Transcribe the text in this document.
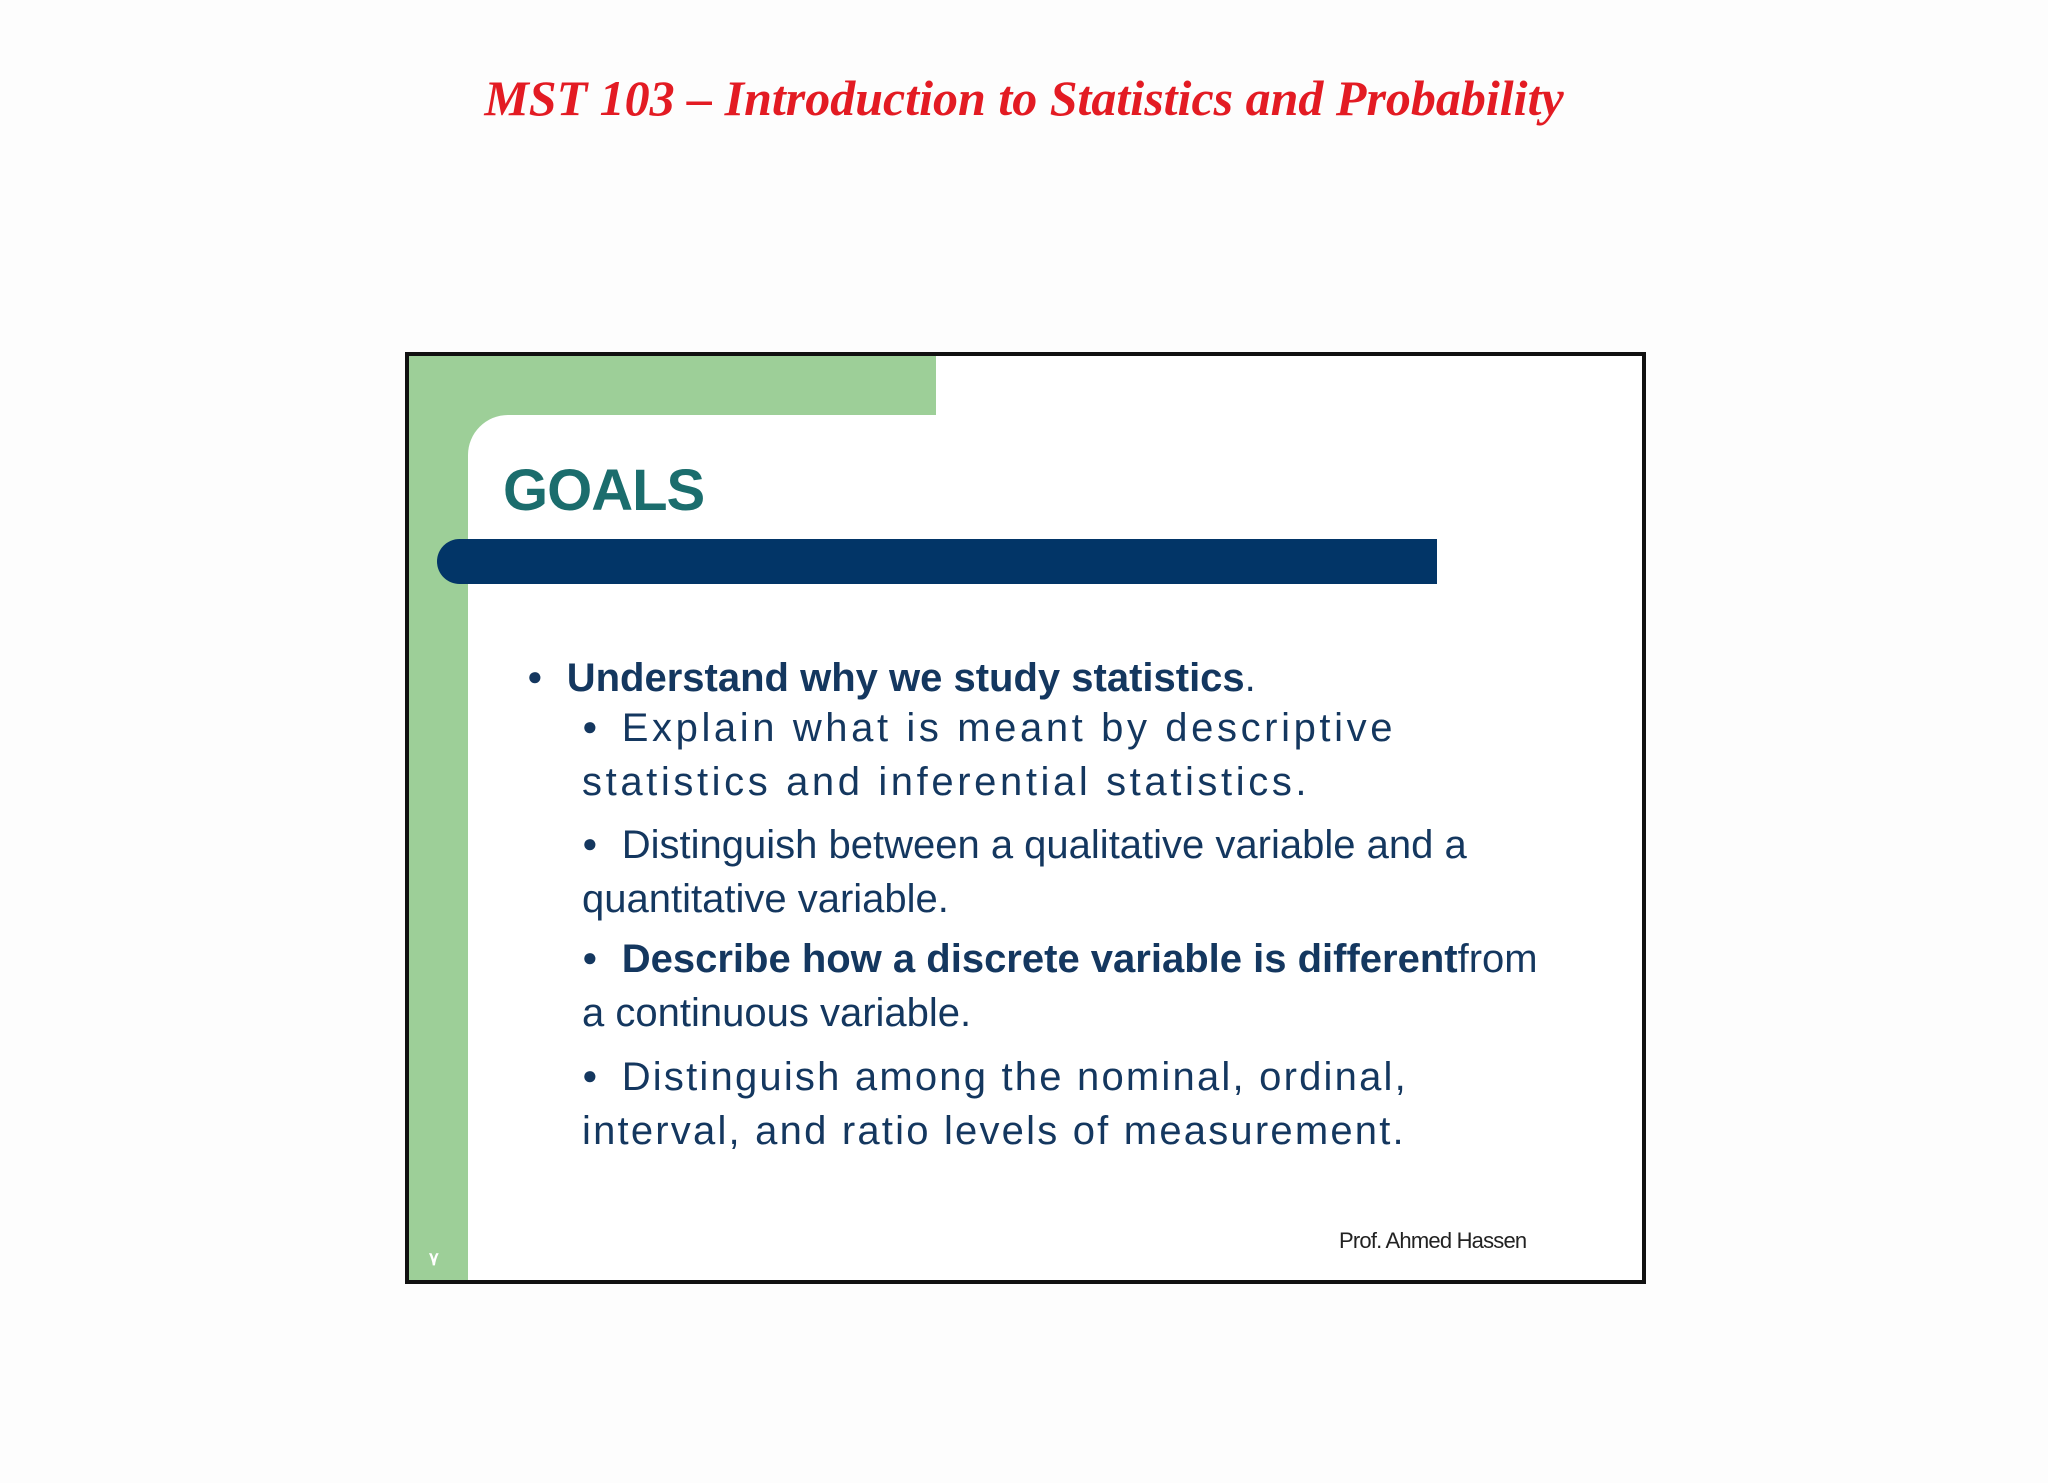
MST 103 – Introduction to Statistics and Probability
GOALS
● Understand why we study statistics.
● Explain what is meant by descriptive statistics and inferential statistics.
● Distinguish between a qualitative variable and a quantitative variable.
● Describe how a discrete variable is differentfrom a continuous variable.
● Distinguish among the nominal, ordinal, interval, and ratio levels of measurement.
Prof. Ahmed Hassen
٧
